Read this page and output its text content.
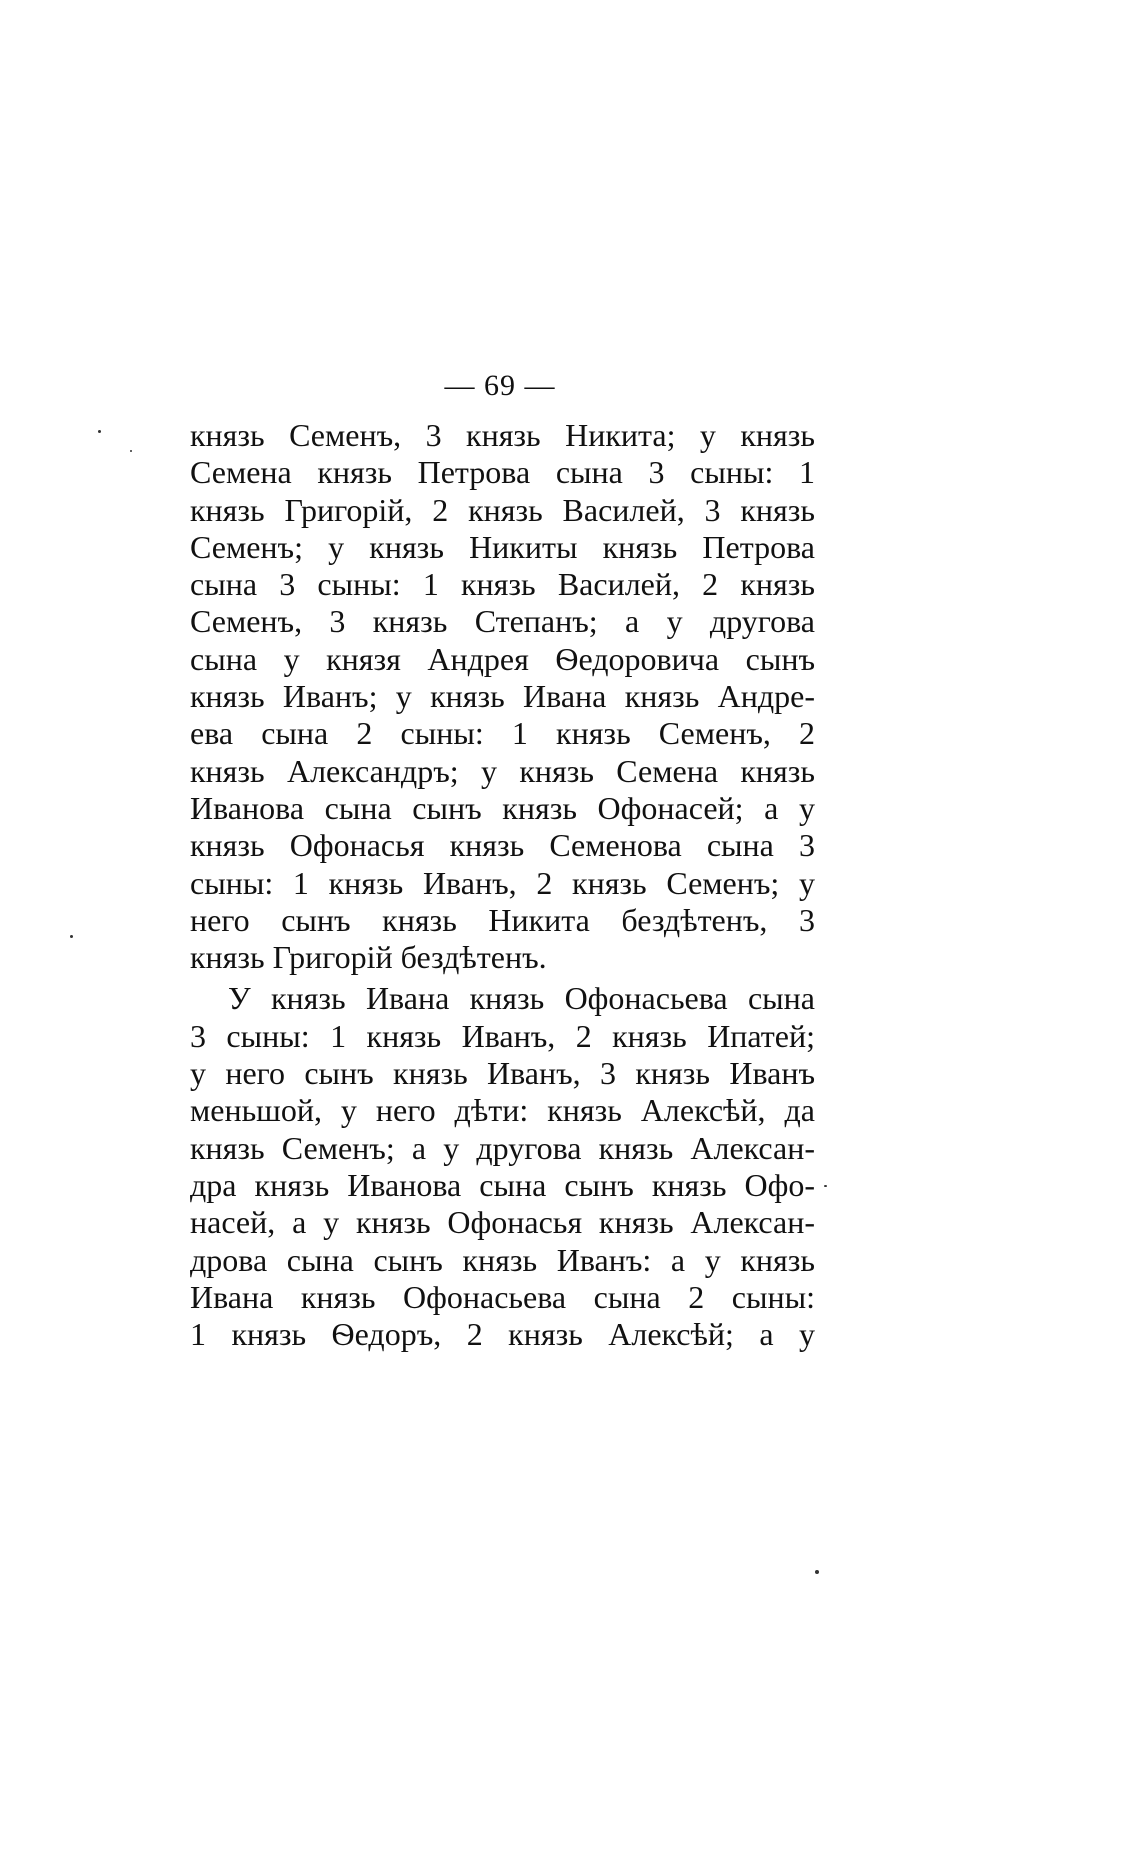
— 69 —
князь Семенъ, 3 князь Никита; у князь
Семена князь Петрова сына 3 сыны: 1
князь Григорій, 2 князь Василей, 3 князь
Семенъ; у князь Никиты князь Петрова
сына 3 сыны: 1 князь Василей, 2 князь
Семенъ, 3 князь Степанъ; а у другова
сына у князя Андрея Ѳедоровича сынъ
князь Иванъ; у князь Ивана князь Андре-
ева сына 2 сыны: 1 князь Семенъ, 2
князь Александръ; у князь Семена князь
Иванова сына сынъ князь Офонасей; а у
князь Офонасья князь Семенова сына 3
сыны: 1 князь Иванъ, 2 князь Семенъ; у
него сынъ князь Никита бездѣтенъ, 3
князь Григорій бездѣтенъ.
У князь Ивана князь Офонасьева сына
3 сыны: 1 князь Иванъ, 2 князь Ипатей;
у него сынъ князь Иванъ, 3 князь Иванъ
меньшой, у него дѣти: князь Алексѣй, да
князь Семенъ; а у другова князь Алексан-
дра князь Иванова сына сынъ князь Офо-
насей, а у князь Офонасья князь Алексан-
дрова сына сынъ князь Иванъ: а у князь
Ивана князь Офонасьева сына 2 сыны:
1 князь Ѳедоръ, 2 князь Алексѣй; а у
